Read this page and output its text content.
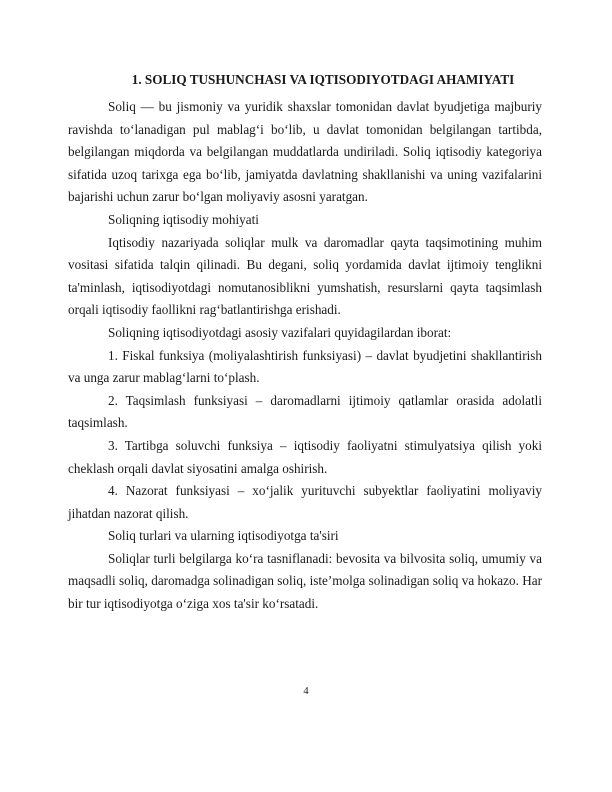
1. SOLIQ TUSHUNCHASI VA IQTISODIYOTDAGI AHAMIYATI

Soliq — bu jismoniy va yuridik shaxslar tomonidan davlat byudjetiga majburiy ravishda to‘lanadigan pul mablag‘i bo‘lib, u davlat tomonidan belgilangan tartibda, belgilangan miqdorda va belgilangan muddatlarda undiriladi. Soliq iqtisodiy kategoriya sifatida uzoq tarixga ega bo‘lib, jamiyatda davlatning shakllanishi va uning vazifalarini bajarishi uchun zarur bo‘lgan moliyaviy asosni yaratgan.

Soliqning iqtisodiy mohiyati

Iqtisodiy nazariyada soliqlar mulk va daromadlar qayta taqsimotining muhim vositasi sifatida talqin qilinadi. Bu degani, soliq yordamida davlat ijtimoiy tenglikni ta'minlash, iqtisodiyotdagi nomutanosiblikni yumshatish, resurslarni qayta taqsimlash orqali iqtisodiy faollikni rag‘batlantirishga erishadi.

Soliqning iqtisodiyotdagi asosiy vazifalari quyidagilardan iborat:

1. Fiskal funksiya (moliyalashtirish funksiyasi) – davlat byudjetini shakllantirish va unga zarur mablag‘larni to‘plash.

2. Taqsimlash funksiyasi – daromadlarni ijtimoiy qatlamlar orasida adolatli taqsimlash.

3. Tartibga soluvchi funksiya – iqtisodiy faoliyatni stimulyatsiya qilish yoki cheklash orqali davlat siyosatini amalga oshirish.

4. Nazorat funksiyasi – xo‘jalik yurituvchi subyektlar faoliyatini moliyaviy jihatdan nazorat qilish.

Soliq turlari va ularning iqtisodiyotga ta'siri

Soliqlar turli belgilarga ko‘ra tasniflanadi: bevosita va bilvosita soliq, umumiy va maqsadli soliq, daromadga solinadigan soliq, iste’molga solinadigan soliq va hokazo. Har bir tur iqtisodiyotga o‘ziga xos ta'sir ko‘rsatadi.

4
